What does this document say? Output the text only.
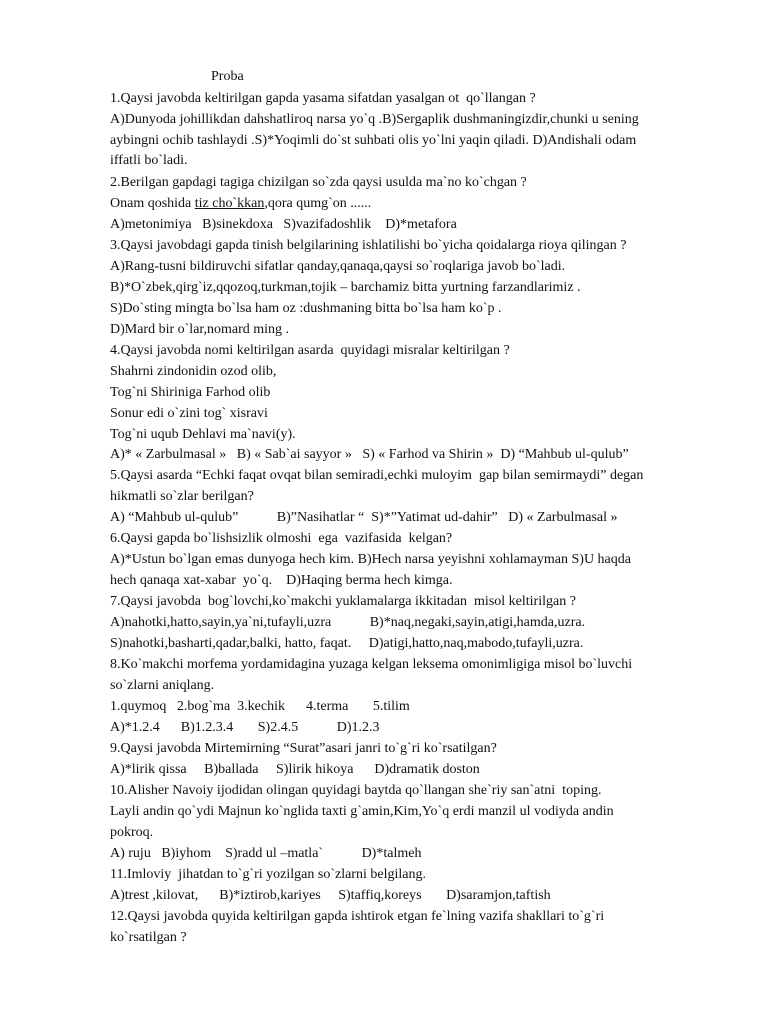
Proba
1.Qaysi javobda keltirilgan gapda yasama sifatdan yasalgan ot  qo`llangan ?
A)Dunyoda johillikdan dahshatliroq narsa yo`q .B)Sergaplik dushmaningizdir,chunki u sening
aybingni ochib tashlaydi .S)*Yoqimli do`st suhbati olis yo`lni yaqin qiladi. D)Andishali odam
iffatli bo`ladi.
2.Berilgan gapdagi tagiga chizilgan so`zda qaysi usulda ma`no ko`chgan ?
Onam qoshida tiz cho`kkan,qora qumg`on ......
A)metonimiya   B)sinekdoxa   S)vazifadoshlik    D)*metafora
3.Qaysi javobdagi gapda tinish belgilarining ishlatilishi bo`yicha qoidalarga rioya qilingan ?
A)Rang-tusni bildiruvchi sifatlar qanday,qanaqa,qaysi so`roqlariga javob bo`ladi.
B)*O`zbek,qirg`iz,qqozoq,turkman,tojik – barchamiz bitta yurtning farzandlarimiz .
S)Do`sting mingta bo`lsa ham oz :dushmaning bitta bo`lsa ham ko`p .
D)Mard bir o`lar,nomard ming .
4.Qaysi javobda nomi keltirilgan asarda  quyidagi misralar keltirilgan ?
Shahrni zindonidin ozod olib,
Tog`ni Shiriniga Farhod olib
Sonur edi o`zini tog` xisravi
Tog`ni uqub Dehlavi ma`navi(y).
A)* « Zarbulmasal »   B) « Sab`ai sayyor »   S) « Farhod va Shirin »  D) “Mahbub ul-qulub”
5.Qaysi asarda “Echki faqat ovqat bilan semiradi,echki muloyim  gap bilan semirmaydi” degan
hikmatli so`zlar berilgan?
A) “Mahbub ul-qulub”           B)”Nasihatlar “  S)*”Yatimat ud-dahir”   D) « Zarbulmasal »
6.Qaysi gapda bo`lishsizlik olmoshi  ega  vazifasida  kelgan?
A)*Ustun bo`lgan emas dunyoga hech kim. B)Hech narsa yeyishni xohlamayman S)U haqda
hech qanaqa xat-xabar  yo`q.    D)Haqing berma hech kimga.
7.Qaysi javobda  bog`lovchi,ko`makchi yuklamalarga ikkitadan  misol keltirilgan ?
A)nahotki,hatto,sayin,ya`ni,tufayli,uzra           B)*naq,negaki,sayin,atigi,hamda,uzra.
S)nahotki,basharti,qadar,balki, hatto, faqat.     D)atigi,hatto,naq,mabodo,tufayli,uzra.
8.Ko`makchi morfema yordamidagina yuzaga kelgan leksema omonimligiga misol bo`luvchi
so`zlarni aniqlang.
1.quymoq   2.bog`ma  3.kechik      4.terma       5.tilim
A)*1.2.4      B)1.2.3.4       S)2.4.5           D)1.2.3
9.Qaysi javobda Mirtemirning “Surat”asari janri to`g`ri ko`rsatilgan?
A)*lirik qissa     B)ballada     S)lirik hikoya      D)dramatik doston
10.Alisher Navoiy ijodidan olingan quyidagi baytda qo`llangan she`riy san`atni  toping.
Layli andin qo`ydi Majnun ko`nglida taxti g`amin,Kim,Yo`q erdi manzil ul vodiyda andin
pokroq.
A) ruju   B)iyhom    S)radd ul –matla`           D)*talmeh
11.Imloviy  jihatdan to`g`ri yozilgan so`zlarni belgilang.
A)trest ,kilovat,      B)*iztirob,kariyes     S)taffiq,koreys       D)saramjon,taftish
12.Qaysi javobda quyida keltirilgan gapda ishtirok etgan fe`lning vazifa shakllari to`g`ri
ko`rsatilgan ?
